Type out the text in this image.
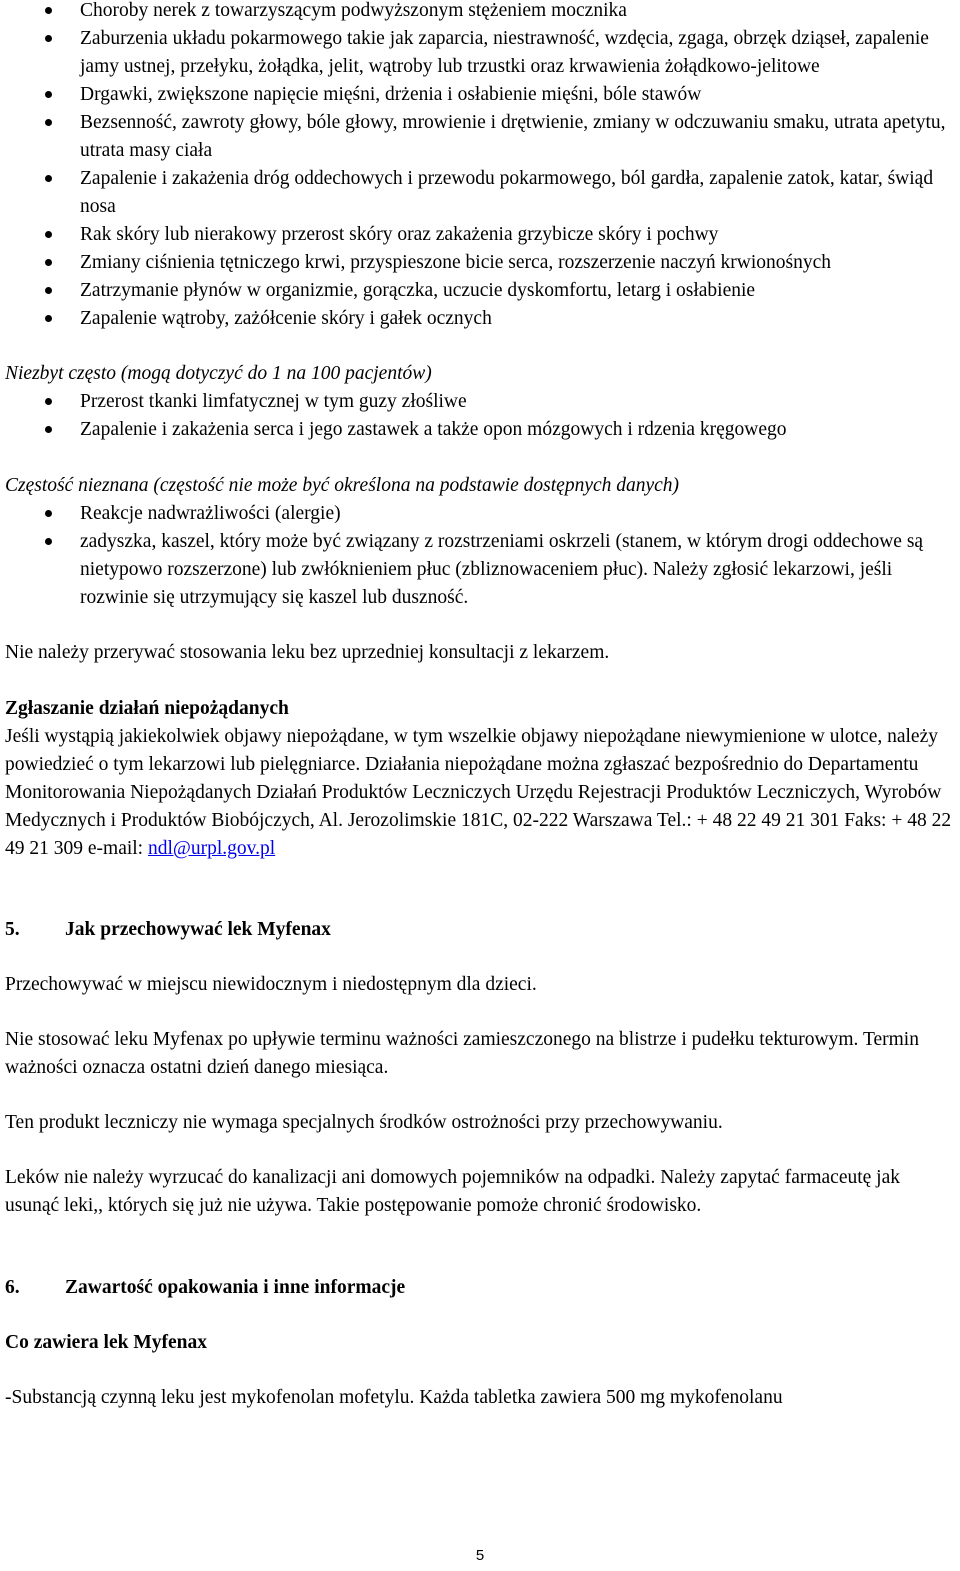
Choroby nerek z towarzyszącym podwyższonym stężeniem mocznika
Zaburzenia układu pokarmowego takie jak zaparcia, niestrawność, wzdęcia, zgaga, obrzęk dziąseł, zapalenie jamy ustnej, przełyku, żołądka, jelit, wątroby lub trzustki oraz krwawienia żołądkowo-jelitowe
Drgawki, zwiększone napięcie mięśni, drżenia i osłabienie mięśni, bóle stawów
Bezsenność, zawroty głowy, bóle głowy, mrowienie i drętwienie, zmiany w odczuwaniu smaku, utrata apetytu, utrata masy ciała
Zapalenie i zakażenia dróg oddechowych i przewodu pokarmowego, ból gardła, zapalenie zatok, katar, świąd nosa
Rak skóry lub nierakowy przerost skóry oraz zakażenia grzybicze skóry i pochwy
Zmiany ciśnienia tętniczego krwi, przyspieszone bicie serca, rozszerzenie naczyń krwionośnych
Zatrzymanie płynów w organizmie, gorączka, uczucie dyskomfortu, letarg i osłabienie
Zapalenie wątroby, zażółcenie skóry i gałek ocznych

Niezbyt często (mogą dotyczyć do 1 na 100 pacjentów)

Przerost tkanki limfatycznej w tym guzy złośliwe
Zapalenie i zakażenia serca i jego zastawek a także opon mózgowych i rdzenia kręgowego

Częstość nieznana (częstość nie może być określona na podstawie dostępnych danych)

Reakcje nadwrażliwości (alergie)
zadyszka, kaszel, który może być związany z rozstrzeniami oskrzeli (stanem, w którym drogi oddechowe są nietypowo rozszerzone) lub zwłóknieniem płuc (zbliznowaceniem płuc). Należy zgłosić lekarzowi, jeśli rozwinie się utrzymujący się kaszel lub duszność.

Nie należy przerywać stosowania leku bez uprzedniej konsultacji z lekarzem.

Zgłaszanie działań niepożądanych

Jeśli wystąpią jakiekolwiek objawy niepożądane, w tym wszelkie objawy niepożądane niewymienione w ulotce, należy powiedzieć o tym lekarzowi lub pielęgniarce. Działania niepożądane można zgłaszać bezpośrednio do Departamentu Monitorowania Niepożądanych Działań Produktów Leczniczych Urzędu Rejestracji Produktów Leczniczych, Wyrobów Medycznych i Produktów Biobójczych, Al. Jerozolimskie 181C, 02-222 Warszawa Tel.: + 48 22 49 21 301 Faks: + 48 22 49 21 309 e-mail: ndl@urpl.gov.pl

5.	Jak przechowywać lek Myfenax

Przechowywać w miejscu niewidocznym i niedostępnym dla dzieci.

Nie stosować leku Myfenax po upływie terminu ważności zamieszczonego na blistrze i pudełku tekturowym. Termin ważności oznacza ostatni dzień danego miesiąca.

Ten produkt leczniczy nie wymaga specjalnych środków ostrożności przy przechowywaniu.

Leków nie należy wyrzucać do kanalizacji ani domowych pojemników na odpadki. Należy zapytać farmaceutę jak usunąć leki,, których się już nie używa. Takie postępowanie pomoże chronić środowisko.

6.	Zawartość opakowania i inne informacje

Co zawiera lek Myfenax

-Substancją czynną leku jest mykofenolan mofetylu. Każda tabletka zawiera 500 mg mykofenolanu

5
